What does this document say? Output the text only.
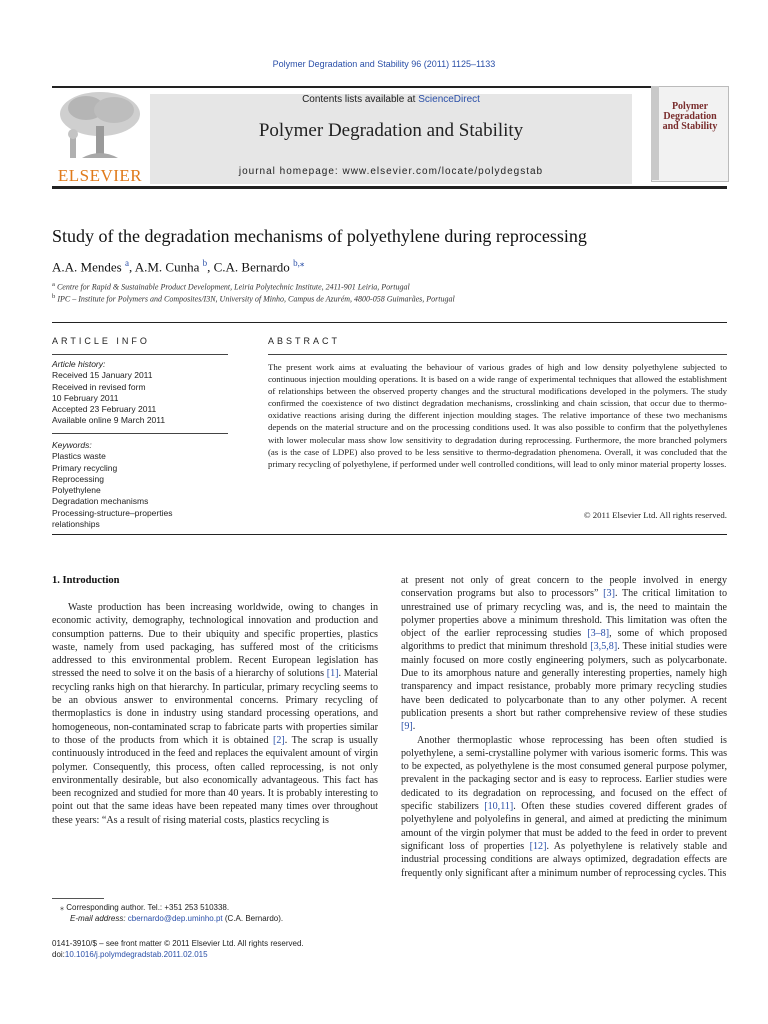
Polymer Degradation and Stability 96 (2011) 1125–1133
ELSEVIER
Contents lists available at ScienceDirect
Polymer Degradation and Stability
journal homepage: www.elsevier.com/locate/polydegstab
Polymer Degradation and Stability
Study of the degradation mechanisms of polyethylene during reprocessing
A.A. Mendes $^a$, A.M. Cunha $^b$, C.A. Bernardo $^{b,⁎}$
$^a$ Centre for Rapid & Sustainable Product Development, Leiria Polytechnic Institute, 2411-901 Leiria, Portugal
$^b$ IPC – Institute for Polymers and Composites/I3N, University of Minho, Campus de Azurém, 4800-058 Guimarães, Portugal
ARTICLE INFO
Article history:
Received 15 January 2011
Received in revised form
10 February 2011
Accepted 23 February 2011
Available online 9 March 2011
Keywords:
Plastics waste
Primary recycling
Reprocessing
Polyethylene
Degradation mechanisms
Processing-structure–properties
relationships
ABSTRACT
The present work aims at evaluating the behaviour of various grades of high and low density polyethylene subjected to continuous injection moulding operations. It is based on a wide range of experimental techniques that allowed the establishment of relationships between the observed property changes and the structural modifications developed in the polymers. The study confirmed the coexistence of two distinct degradation mechanisms, crosslinking and chain scission, that occur due to thermo-oxidative reactions arising during the different injection moulding stages. The relative importance of these two mechanisms depends on the material structure and on the processing conditions used. It was also possible to confirm that the polyethylenes with lower molecular mass show low sensitivity to degradation during reprocessing. Furthermore, the more branched polymers (as is the case of LDPE) also proved to be less sensitive to thermo-degradation phenomena. Overall, it was concluded that the primary recycling of polyethylene, if performed under well controlled conditions, will lead to only minor material property losses.
© 2011 Elsevier Ltd. All rights reserved.
1. Introduction

Waste production has been increasing worldwide, owing to changes in economic activity, demography, technological innovation and production and consumption patterns. Due to their ubiquity and specific properties, plastics waste, namely from used packaging, has suffered most of the criticisms addressed to this environmental problem. Recent European legislation has stressed the need to solve it on the basis of a hierarchy of solutions [1]. Material recycling ranks high on that hierarchy. In particular, primary recycling seems to be an obvious answer to environmental concerns. Primary recycling of thermoplastics is done in industry using standard processing operations, and homogeneous, non-contaminated scrap to fabricate parts with properties similar to those of the products from which it is obtained [2]. The scrap is usually continuously introduced in the feed and replaces the equivalent amount of virgin polymer. Consequently, this process, often called reprocessing, is not only environmentally desirable, but also economically advantageous. This fact has been recognized and studied for more than 40 years. It is probably interesting to point out that the same ideas have been repeated many times over throughout these years: “As a result of rising material costs, plastics recycling is

at present not only of great concern to the people involved in energy conservation programs but also to processors” [3]. The critical limitation to unrestrained use of primary recycling was, and is, the need to maintain the polymer properties above a minimum threshold. This limitation was often the object of the earlier reprocessing studies [3–8], some of which proposed algorithms to predict that minimum threshold [3,5,8]. These initial studies were mainly focused on more costly engineering polymers, such as polycarbonate. Due to its amorphous nature and generally interesting properties, namely high transparency and impact resistance, probably more primary recycling studies have been dedicated to polycarbonate than to any other polymer. A recent publication presents a short but rather comprehensive review of these studies [9].

Another thermoplastic whose reprocessing has been often studied is polyethylene, a semi-crystalline polymer with various isomeric forms. This was to be expected, as polyethylene is the most consumed general purpose polymer, prevalent in the packaging sector and is easy to reprocess. Earlier studies were dedicated to its degradation on reprocessing, and focused on the effect of specific stabilizers [10,11]. Often these studies covered different grades of polyethylene and polyolefins in general, and aimed at predicting the minimum amount of the virgin polymer that must be added to the feed in order to prevent significant loss of properties [12]. As polyethylene is relatively stable and industrial processing conditions are always optimized, degradation effects are frequently only significant after a minimum number of reprocessing cycles. This

⁎ Corresponding author. Tel.: +351 253 510338.
E-mail address: cbernardo@dep.uminho.pt (C.A. Bernardo).
0141-3910/$ – see front matter © 2011 Elsevier Ltd. All rights reserved.
doi:10.1016/j.polymdegradstab.2011.02.015
